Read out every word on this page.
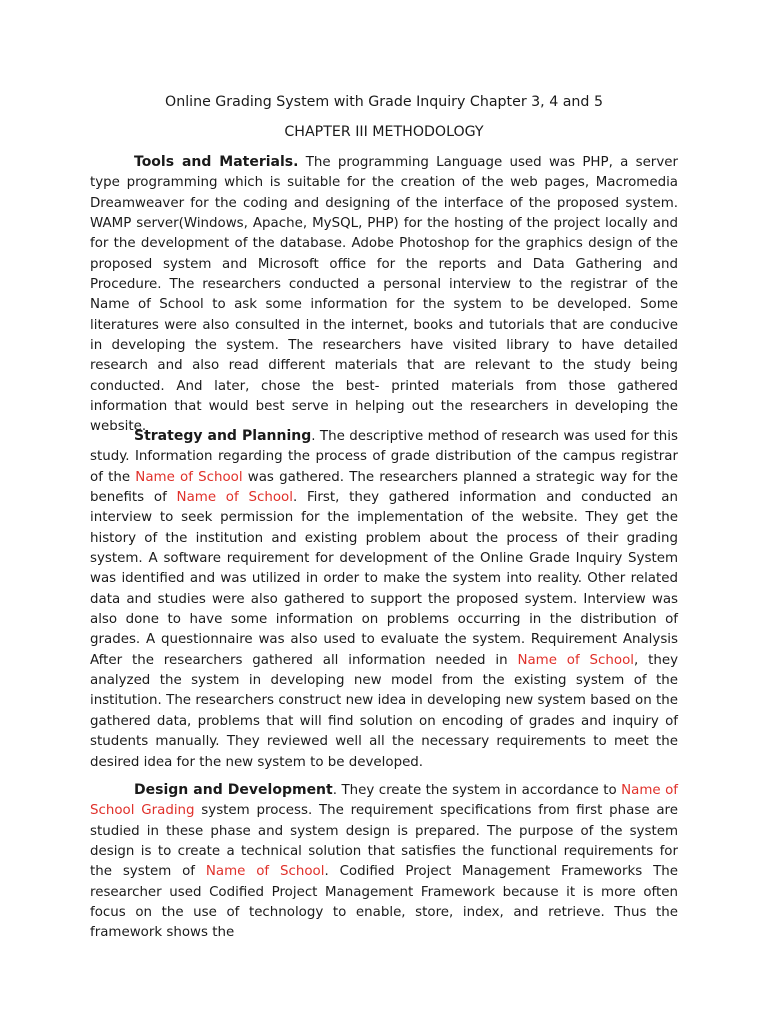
Online Grading System with Grade Inquiry Chapter 3, 4 and 5
CHAPTER III METHODOLOGY

Tools and Materials. The programming Language used was PHP, a server type programming which is suitable for the creation of the web pages, Macromedia Dreamweaver for the coding and designing of the interface of the proposed system. WAMP server(Windows, Apache, MySQL, PHP) for the hosting of the project locally and for the development of the database. Adobe Photoshop for the graphics design of the proposed system and Microsoft office for the reports and Data Gathering and Procedure. The researchers conducted a personal interview to the registrar of the Name of School to ask some information for the system to be developed. Some literatures were also consulted in the internet, books and tutorials that are conducive in developing the system. The researchers have visited library to have detailed research and also read different materials that are relevant to the study being conducted. And later, chose the best- printed materials from those gathered information that would best serve in helping out the researchers in developing the website.

Strategy and Planning. The descriptive method of research was used for this study. Information regarding the process of grade distribution of the campus registrar of the Name of School was gathered. The researchers planned a strategic way for the benefits of Name of School. First, they gathered information and conducted an interview to seek permission for the implementation of the website. They get the history of the institution and existing problem about the process of their grading system. A software requirement for development of the Online Grade Inquiry System was identified and was utilized in order to make the system into reality. Other related data and studies were also gathered to support the proposed system. Interview was also done to have some information on problems occurring in the distribution of grades. A questionnaire was also used to evaluate the system. Requirement Analysis After the researchers gathered all information needed in Name of School, they analyzed the system in developing new model from the existing system of the institution. The researchers construct new idea in developing new system based on the gathered data, problems that will find solution on encoding of grades and inquiry of students manually. They reviewed well all the necessary requirements to meet the desired idea for the new system to be developed.

Design and Development. They create the system in accordance to Name of School Grading system process. The requirement specifications from first phase are studied in these phase and system design is prepared. The purpose of the system design is to create a technical solution that satisfies the functional requirements for the system of Name of School. Codified Project Management Frameworks The researcher used Codified Project Management Framework because it is more often focus on the use of technology to enable, store, index, and retrieve. Thus the framework shows the
